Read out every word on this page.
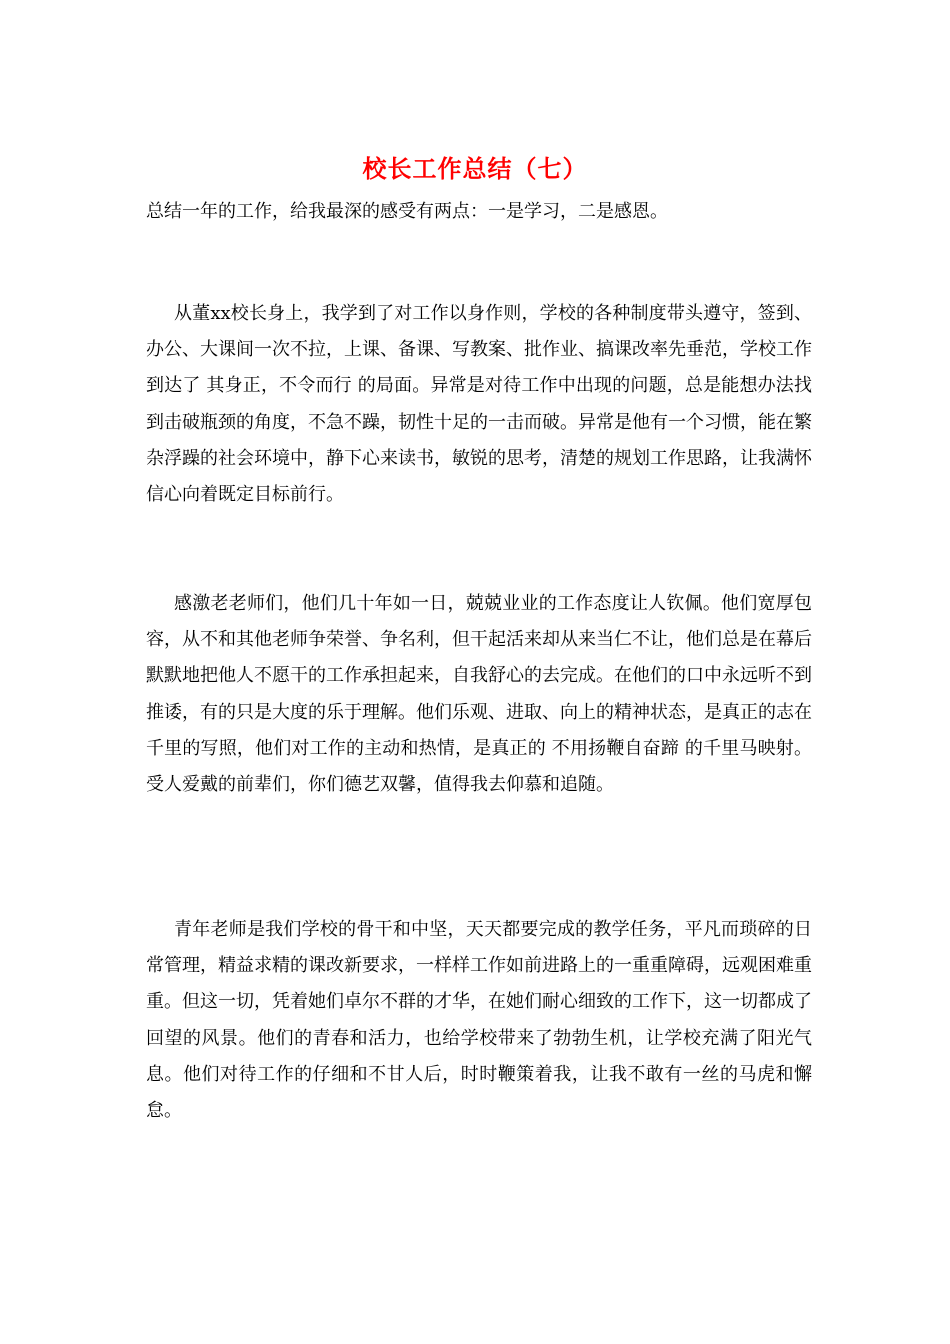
校长工作总结（七）
总结一年的工作，给我最深的感受有两点：一是学习，二是感恩。

从董xx校长身上，我学到了对工作以身作则，学校的各种制度带头遵守，签到、办公、大课间一次不拉，上课、备课、写教案、批作业、搞课改率先垂范，学校工作到达了 其身正，不令而行 的局面。异常是对待工作中出现的问题，总是能想办法找到击破瓶颈的角度，不急不躁，韧性十足的一击而破。异常是他有一个习惯，能在繁杂浮躁的社会环境中，静下心来读书，敏锐的思考，清楚的规划工作思路，让我满怀信心向着既定目标前行。

感激老老师们，他们几十年如一日，兢兢业业的工作态度让人钦佩。他们宽厚包容，从不和其他老师争荣誉、争名利，但干起活来却从来当仁不让，他们总是在幕后默默地把他人不愿干的工作承担起来，自我舒心的去完成。在他们的口中永远听不到推诿，有的只是大度的乐于理解。他们乐观、进取、向上的精神状态，是真正的志在千里的写照，他们对工作的主动和热情，是真正的 不用扬鞭自奋蹄 的千里马映射。受人爱戴的前辈们，你们德艺双馨，值得我去仰慕和追随。

青年老师是我们学校的骨干和中坚，天天都要完成的教学任务，平凡而琐碎的日常管理，精益求精的课改新要求，一样样工作如前进路上的一重重障碍，远观困难重重。但这一切，凭着她们卓尔不群的才华，在她们耐心细致的工作下，这一切都成了回望的风景。他们的青春和活力，也给学校带来了勃勃生机，让学校充满了阳光气息。他们对待工作的仔细和不甘人后，时时鞭策着我，让我不敢有一丝的马虎和懈怠。
